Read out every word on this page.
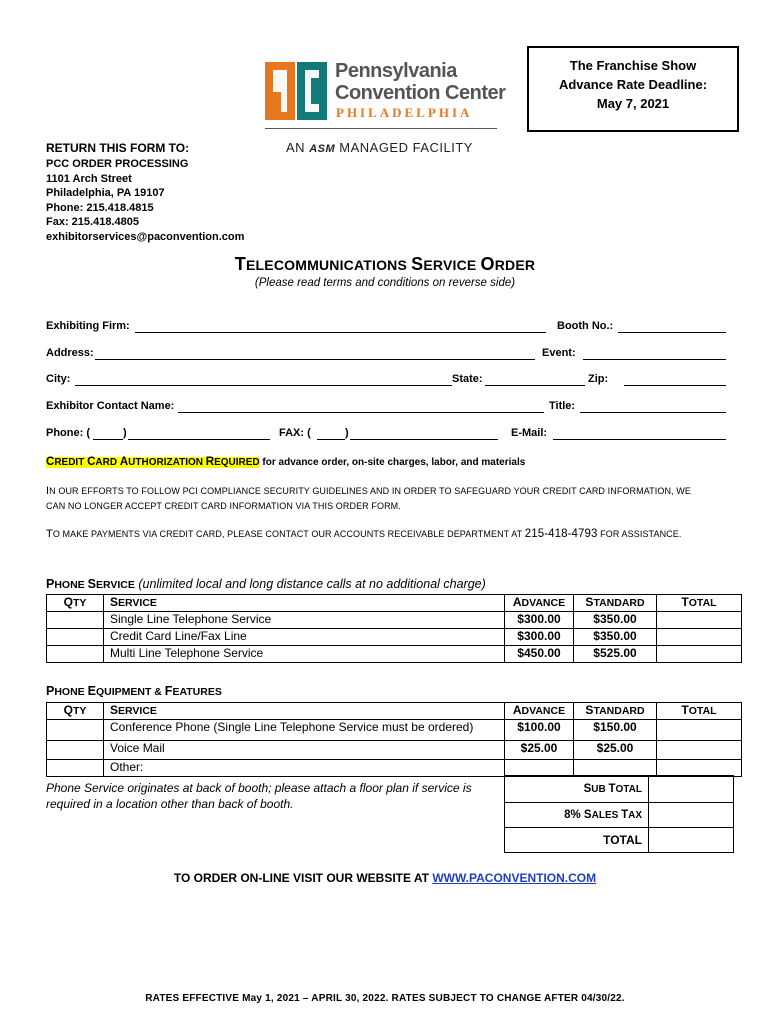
Pennsylvania
Convention Center
PHILADELPHIA
AN ASM MANAGED FACILITY
The Franchise Show
Advance Rate Deadline:
May 7, 2021
RETURN THIS FORM TO:
PCC ORDER PROCESSING
1101 Arch Street
Philadelphia, PA 19107
Phone: 215.418.4815
Fax: 215.418.4805
exhibitorservices@paconvention.com
TELECOMMUNICATIONS SERVICE ORDER
(Please read terms and conditions on reverse side)
Exhibiting Firm:	Booth No.:
Address:	Event:
City:	State:	Zip:
Exhibitor Contact Name:	Title:
Phone: (	)	FAX: (	)	E-Mail:
CREDIT CARD AUTHORIZATION REQUIRED for advance order, on-site charges, labor, and materials
IN OUR EFFORTS TO FOLLOW PCI COMPLIANCE SECURITY GUIDELINES AND IN ORDER TO SAFEGUARD YOUR CREDIT CARD INFORMATION, WE CAN NO LONGER ACCEPT CREDIT CARD INFORMATION VIA THIS ORDER FORM.
TO MAKE PAYMENTS VIA CREDIT CARD, PLEASE CONTACT OUR ACCOUNTS RECEIVABLE DEPARTMENT AT 215-418-4793 FOR ASSISTANCE.
PHONE SERVICE (unlimited local and long distance calls at no additional charge)
QTY	SERVICE	ADVANCE	STANDARD	TOTAL
	Single Line Telephone Service	$300.00	$350.00	
	Credit Card Line/Fax Line	$300.00	$350.00	
	Multi Line Telephone Service	$450.00	$525.00	
PHONE EQUIPMENT & FEATURES
QTY	SERVICE	ADVANCE	STANDARD	TOTAL
	Conference Phone (Single Line Telephone Service must be ordered)	$100.00	$150.00	
	Voice Mail	$25.00	$25.00	
	Other:			
Phone Service originates at back of booth; please attach a floor plan if service is required in a location other than back of booth.
SUB TOTAL	
8% SALES TAX	
TOTAL	
TO ORDER ON-LINE VISIT OUR WEBSITE AT WWW.PACONVENTION.COM
RATES EFFECTIVE May 1, 2021 – APRIL 30, 2022. RATES SUBJECT TO CHANGE AFTER 04/30/22.
